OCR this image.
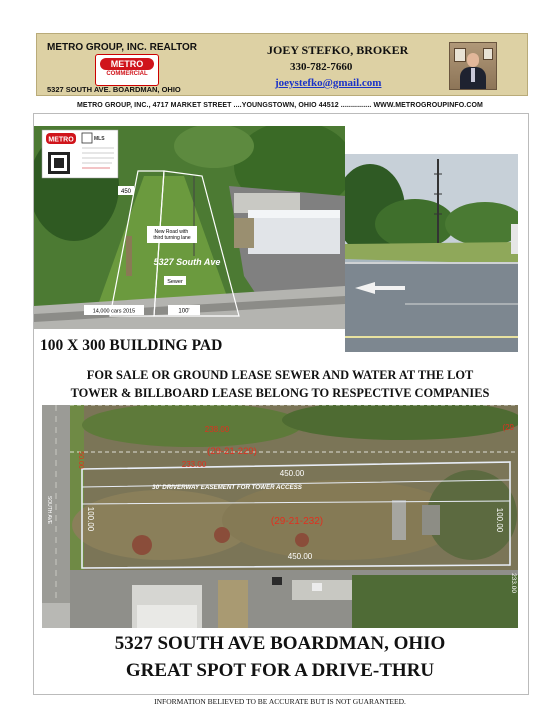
METRO GROUP, INC. REALTOR
METRO
COMMERCIAL
5327 SOUTH AVE. BOARDMAN, OHIO
JOEY STEFKO, BROKER
330-782-7660
joeystefko@gmail.com
METRO GROUP, INC., 4717 MARKET STREET ....YOUNGSTOWN, OHIO 44512 ............... WWW.METROGROUPINFO.COM
METRO	MLS
450
New Road with third turning lane
5327 South Ave
Sewer
14,000 cars 2015	100'
100 X 300 BUILDING PAD
FOR SALE OR GROUND LEASE SEWER AND WATER AT THE LOT
TOWER & BILLBOARD LEASE BELONG TO RESPECTIVE COMPANIES
238.00
(29-21-229)
233.00
450.00
30' DRIVERWAY EASEMENT FOR TOWER ACCESS
(29-21-232)
450.00
100.00	100.00
50.00
SOUTH AVE
233.00
(29
5327 SOUTH AVE BOARDMAN, OHIO
GREAT SPOT FOR A DRIVE-THRU
INFORMATION BELIEVED TO BE ACCURATE BUT IS NOT GUARANTEED.
